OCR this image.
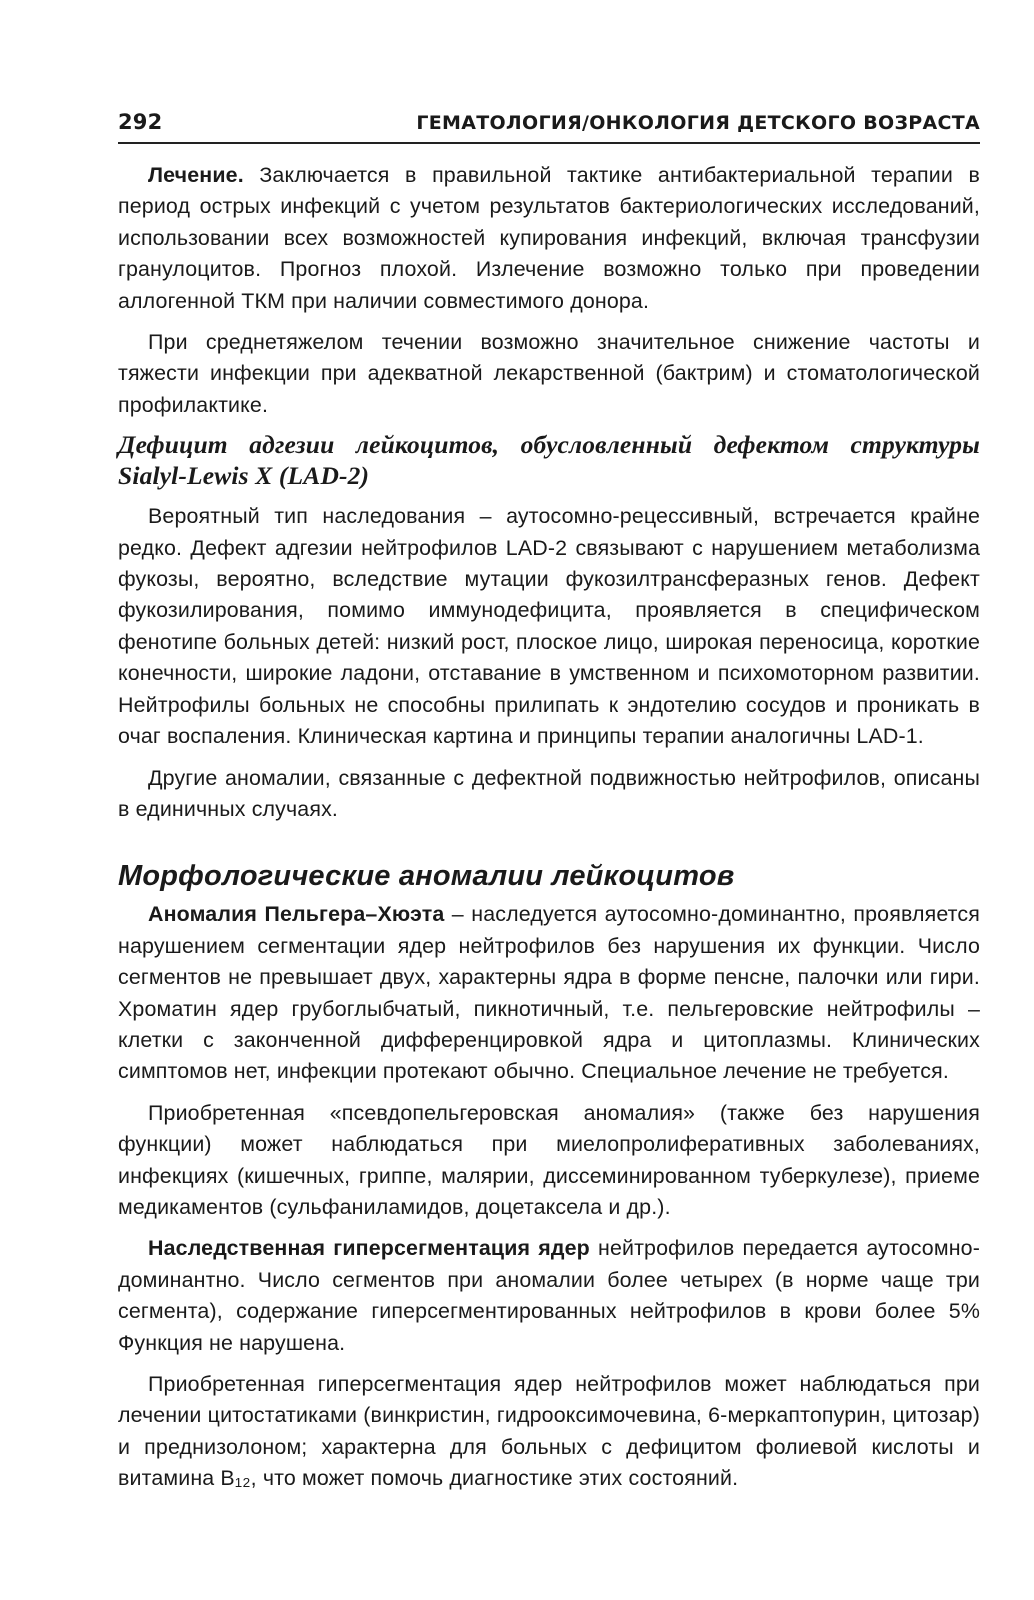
292	ГЕМАТОЛОГИЯ/ОНКОЛОГИЯ ДЕТСКОГО ВОЗРАСТА

Лечение. Заключается в правильной тактике антибактериальной терапии в период острых инфекций с учетом результатов бактериологических исследований, использовании всех возможностей купирования инфекций, включая трансфузии гранулоцитов. Прогноз плохой. Излечение возможно только при проведении аллогенной ТКМ при наличии совместимого донора.

При среднетяжелом течении возможно значительное снижение частоты и тяжести инфекции при адекватной лекарственной (бактрим) и стоматологической профилактике.

Дефицит адгезии лейкоцитов, обусловленный дефектом структуры Sialyl-Lewis X (LAD-2)

Вероятный тип наследования – аутосомно-рецессивный, встречается крайне редко. Дефект адгезии нейтрофилов LAD-2 связывают с нарушением метаболизма фукозы, вероятно, вследствие мутации фукозилтрансферазных генов. Дефект фукозилирования, помимо иммунодефицита, проявляется в специфическом фенотипе больных детей: низкий рост, плоское лицо, широкая переносица, короткие конечности, широкие ладони, отставание в умственном и психомоторном развитии. Нейтрофилы больных не способны прилипать к эндотелию сосудов и проникать в очаг воспаления. Клиническая картина и принципы терапии аналогичны LAD-1.

Другие аномалии, связанные с дефектной подвижностью нейтрофилов, описаны в единичных случаях.

Морфологические аномалии лейкоцитов

Аномалия Пельгера–Хюэта – наследуется аутосомно-доминантно, проявляется нарушением сегментации ядер нейтрофилов без нарушения их функции. Число сегментов не превышает двух, характерны ядра в форме пенсне, палочки или гири. Хроматин ядер грубоглыбчатый, пикнотичный, т.е. пельгеровские нейтрофилы – клетки с законченной дифференцировкой ядра и цитоплазмы. Клинических симптомов нет, инфекции протекают обычно. Специальное лечение не требуется.

Приобретенная «псевдопельгеровская аномалия» (также без нарушения функции) может наблюдаться при миелопролиферативных заболеваниях, инфекциях (кишечных, гриппе, малярии, диссеминированном туберкулезе), приеме медикаментов (сульфаниламидов, доцетаксела и др.).

Наследственная гиперсегментация ядер нейтрофилов передается аутосомно-доминантно. Число сегментов при аномалии более четырех (в норме чаще три сегмента), содержание гиперсегментированных нейтрофилов в крови более 5% Функция не нарушена.

Приобретенная гиперсегментация ядер нейтрофилов может наблюдаться при лечении цитостатиками (винкристин, гидрооксимочевина, 6-меркаптопурин, цитозар) и преднизолоном; характерна для больных с дефицитом фолиевой кислоты и витамина В₁₂, что может помочь диагностике этих состояний.
